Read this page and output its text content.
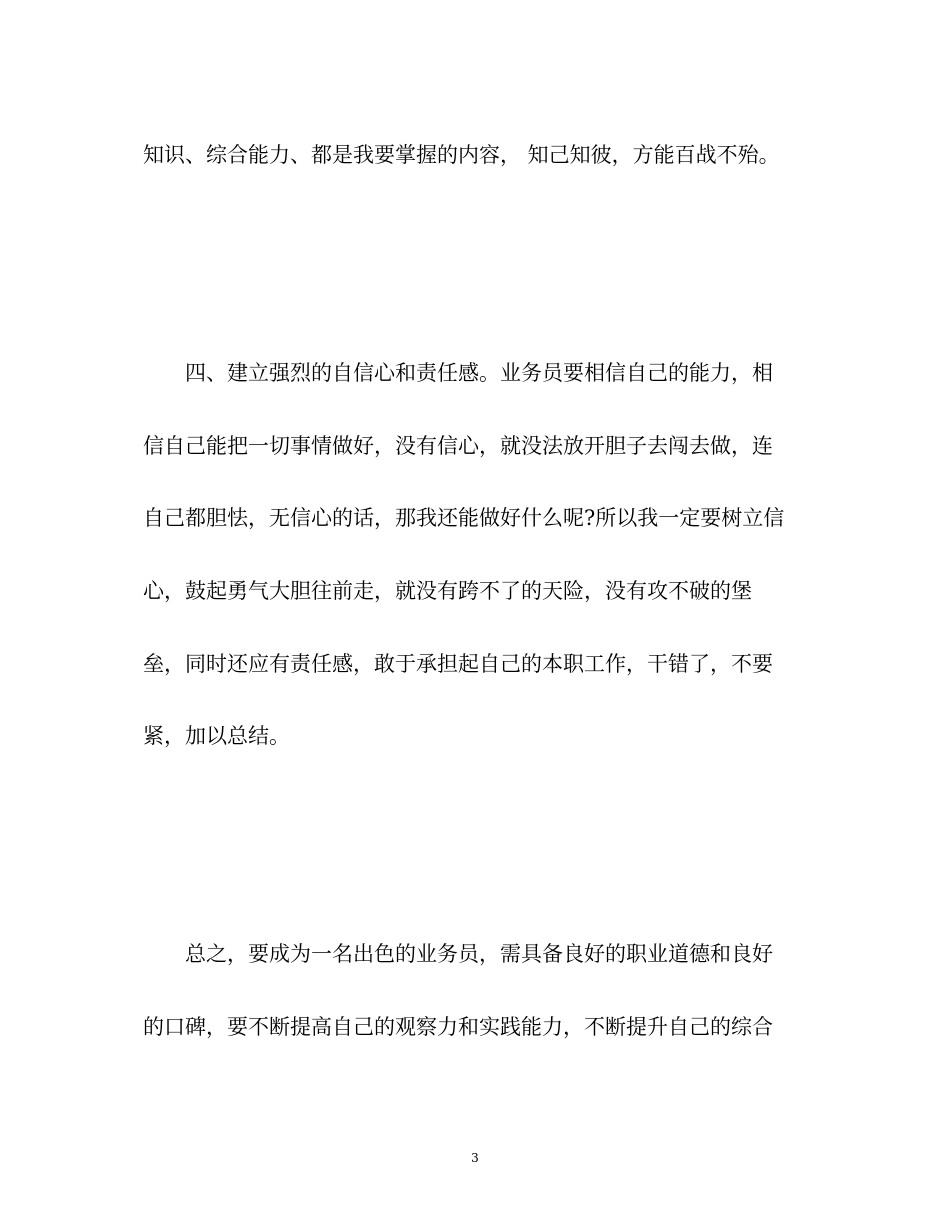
知识、综合能力、都是我要掌握的内容， 知己知彼，方能百战不殆。

四、建立强烈的自信心和责任感。业务员要相信自己的能力，相

信自己能把一切事情做好，没有信心，就没法放开胆子去闯去做，连

自己都胆怯，无信心的话，那我还能做好什么呢?所以我一定要树立信

心，鼓起勇气大胆往前走，就没有跨不了的天险，没有攻不破的堡

垒，同时还应有责任感，敢于承担起自己的本职工作，干错了，不要

紧，加以总结。

总之，要成为一名出色的业务员，需具备良好的职业道德和良好

的口碑，要不断提高自己的观察力和实践能力，不断提升自己的综合

3
